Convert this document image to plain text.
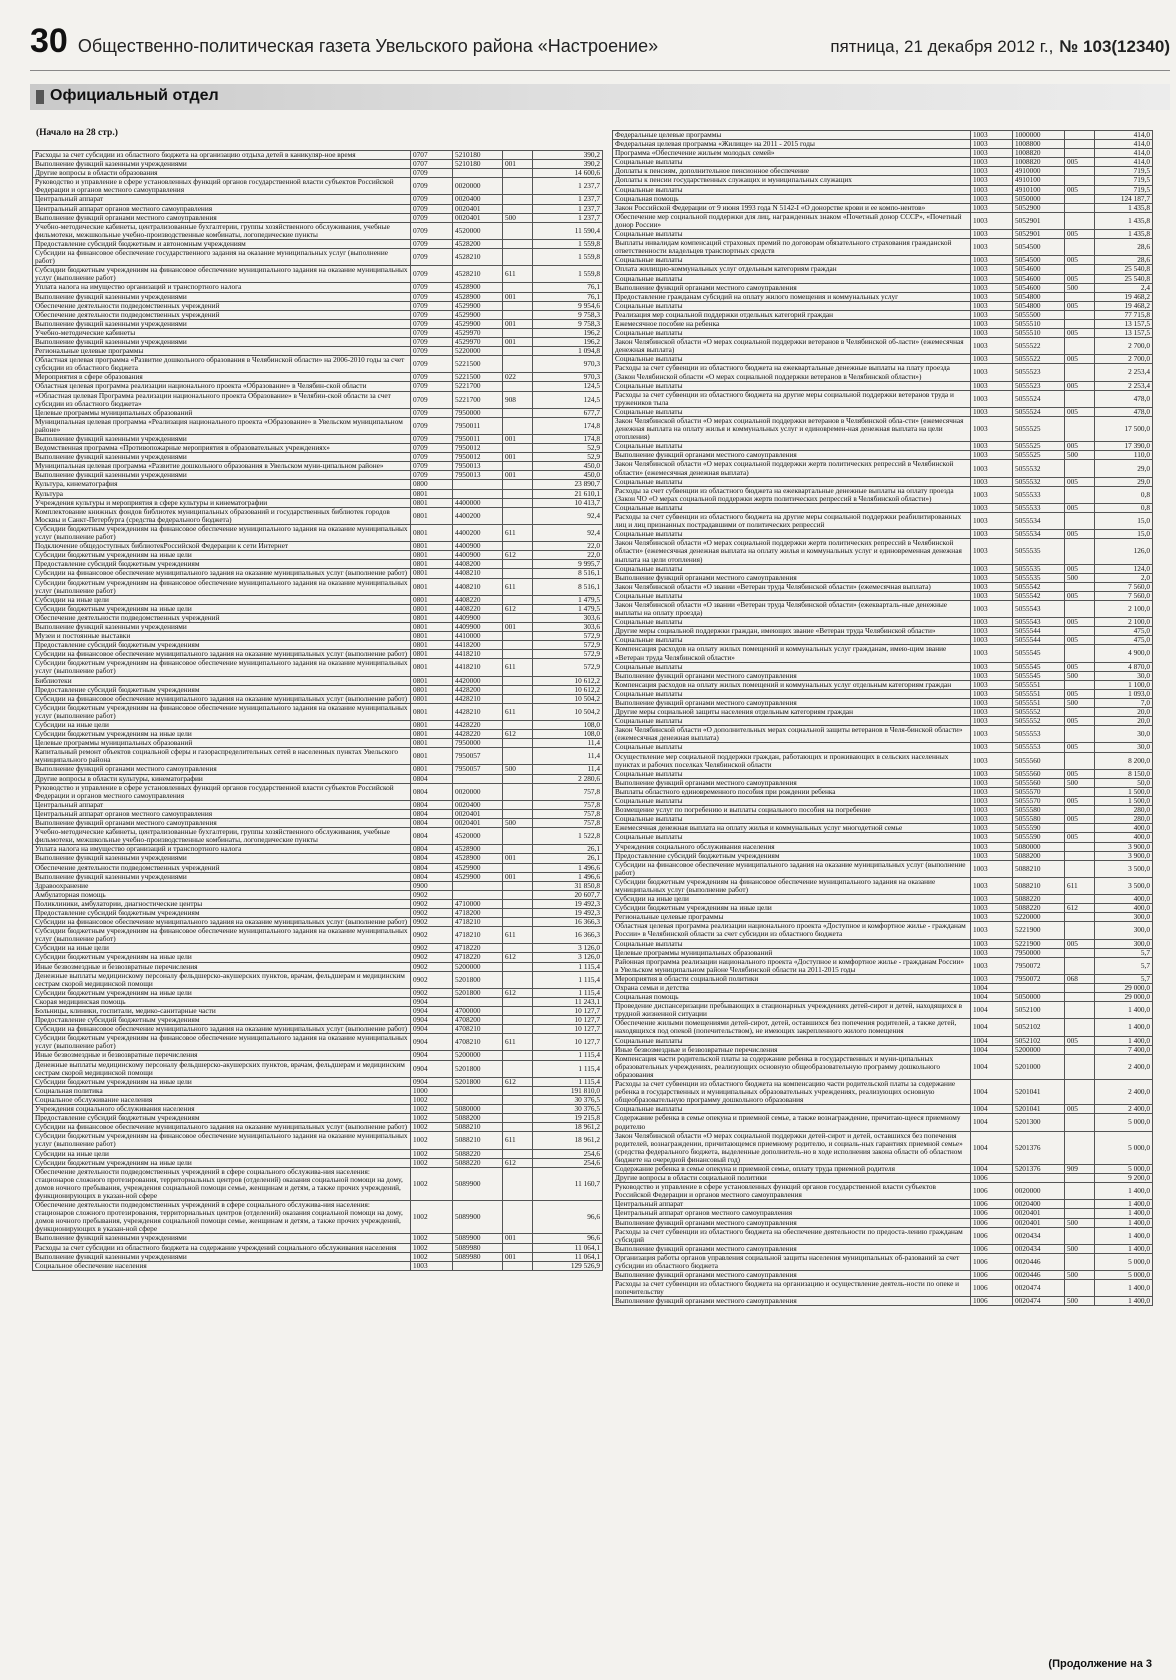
30 Общественно-политическая газета Увельского района «Настроение»	пятница, 21 декабря 2012 г., № 103(12340)
Официальный отдел
(Начало на 28 стр.)
Расходы за счет субсидии из областного бюджета на организацию отдыха детей в каникуляр-ное время	0707	5210180		390,2
Выполнение функций казенными учреждениями	0707	5210180	001	390,2
Другие вопросы в области образования	0709			14 600,6
Руководство и управление в сфере установленных функций органов государственной власти субъектов Российской Федерации и органов местного самоуправления	0709	0020000		1 237,7
Центральный аппарат	0709	0020400		1 237,7
Центральный аппарат органов местного самоуправления	0709	0020401		1 237,7
Выполнение функций органами местного самоуправления	0709	0020401	500	1 237,7
Учебно-методические кабинеты, централизованные бухгалтерии, группы хозяйственного обслуживания, учебные фильмотеки, межшкольные учебно-производственные комбинаты, логопедические пункты	0709	4520000		11 590,4
Предоставление субсидий бюджетным и автономным учреждениям	0709	4528200		1 559,8
Субсидии на финансовое обеспечение государственного задания на оказание муниципальных услуг (выполнение работ)	0709	4528210		1 559,8
Субсидии бюджетным учреждениям на финансовое обеспечение муниципального задания на оказание муниципальных услуг (выполнение работ)	0709	4528210	611	1 559,8
Уплата налога на имущество организаций и транспортного налога	0709	4528900		76,1
Выполнение функций казенными учреждениями	0709	4528900	001	76,1
Обеспечение деятельности подведомственных учреждений	0709	4529900		9 954,6
Обеспечение деятельности подведомственных учреждений	0709	4529900		9 758,3
Выполнение функций казенными учреждениями	0709	4529900	001	9 758,3
Учебно-методические кабинеты	0709	4529970		196,2
Выполнение функций казенными учреждениями	0709	4529970	001	196,2
Региональные целевые программы	0709	5220000		1 094,8
Областная целевая программа «Развитие дошкольного образования в Челябинской области» на 2006-2010 годы за счет субсидии из областного бюджета	0709	5221500		970,3
Мероприятия в сфере образования	0709	5221500	022	970,3
Областная целевая программа реализации национального проекта «Образование» в Челябин-ской области	0709	5221700		124,5
«Областная целевая Программа реализации национального проекта Образование» в Челябин-ской области за счет субсидии из областного бюджета»	0709	5221700	908	124,5
Целевые программы муниципальных образований	0709	7950000		677,7
Муниципальная целевая программа «Реализация национального проекта «Образование» в Увельском муниципальном районе»	0709	7950011		174,8
Выполнение функций казенными учреждениями	0709	7950011	001	174,8
Ведомственная программа «Противопожарные мероприятия в образовательных учреждениях»	0709	7950012		52,9
Выполнение функций казенными учреждениями	0709	7950012	001	52,9
Муниципальная целевая программа «Развитие дошкольного образования в Увельском муни-ципальном районе»	0709	7950013		450,0
Выполнение функций казенными учреждениями	0709	7950013	001	450,0
Культура, кинематография	0800			23 890,7
Культура	0801			21 610,1
Учреждения культуры и мероприятия в сфере культуры и кинематографии	0801	4400000		10 413,7
Комплектование книжных фондов библиотек муниципальных образований и государственных библиотек городов Москвы и Санкт-Петербурга (средства федерального бюджета)	0801	4400200		92,4
Субсидии бюджетным учреждениям на финансовое обеспечение муниципального задания на оказание муниципальных услуг (выполнение работ)	0801	4400200	611	92,4
Подключение общедоступных библиотекРоссийской Федерации к сети Интернет	0801	4400900		22,0
Субсидии бюджетным учреждениям на иные цели	0801	4400900	612	22,0
Предоставление субсидий бюджетным учреждениям	0801	4408200		9 995,7
Субсидии на финансовое обеспечение муниципального задания на оказание муниципальных услуг (выполнение работ)	0801	4408210		8 516,1
Субсидии бюджетным учреждениям на финансовое обеспечение муниципального задания на оказание муниципальных услуг (выполнение работ)	0801	4408210	611	8 516,1
Субсидии на иные цели	0801	4408220		1 479,5
Субсидии бюджетным учреждениям на иные цели	0801	4408220	612	1 479,5
Обеспечение деятельности подведомственных учреждений	0801	4409900		303,6
Выполнение функций казенными учреждениями	0801	4409900	001	303,6
Музеи и постоянные выставки	0801	4410000		572,9
Предоставление субсидий бюджетным учреждениям	0801	4418200		572,9
Субсидии на финансовое обеспечение муниципального задания на оказание муниципальных услуг (выполнение работ)	0801	4418210		572,9
Субсидии бюджетным учреждениям на финансовое обеспечение муниципального задания на оказание муниципальных услуг (выполнение работ)	0801	4418210	611	572,9
Библиотеки	0801	4420000		10 612,2
Предоставление субсидий бюджетным учреждениям	0801	4428200		10 612,2
Субсидии на финансовое обеспечение муниципального задания на оказание муниципальных услуг (выполнение работ)	0801	4428210		10 504,2
Субсидии бюджетным учреждениям на финансовое обеспечение муниципального задания на оказание муниципальных услуг (выполнение работ)	0801	4428210	611	10 504,2
Субсидии на иные цели	0801	4428220		108,0
Субсидии бюджетным учреждениям на иные цели	0801	4428220	612	108,0
Целевые программы муниципальных образований	0801	7950000		11,4
Капитальный ремонт объектов социальной сферы и газораспределительных сетей в населенных пунктах Увельского муниципального района	0801	7950057		11,4
Выполнение функций органами местного самоуправления	0801	7950057	500	11,4
Другие вопросы в области культуры, кинематографии	0804			2 280,6
Руководство и управление в сфере установленных функций органов государственной власти субъектов Российской Федерации и органов местного самоуправления	0804	0020000		757,8
Центральный аппарат	0804	0020400		757,8
Центральный аппарат органов местного самоуправления	0804	0020401		757,8
Выполнение функций органами местного самоуправления	0804	0020401	500	757,8
Учебно-методические кабинеты, централизованные бухгалтерии, группы хозяйственного обслуживания, учебные фильмотеки, межшкольные учебно-производственные комбинаты, логопедические пункты	0804	4520000		1 522,8
Уплата налога на имущество организаций и транспортного налога	0804	4528900		26,1
Выполнение функций казенными учреждениями	0804	4528900	001	26,1
Обеспечение деятельности подведомственных учреждений	0804	4529900		1 496,6
Выполнение функций казенными учреждениями	0804	4529900	001	1 496,6
Здравоохранение	0900			31 850,8
Амбулаторная помощь	0902			20 607,7
Поликлиники, амбулатории, диагностические центры	0902	4710000		19 492,3
Предоставление субсидий бюджетным учреждениям	0902	4718200		19 492,3
Субсидии на финансовое обеспечение муниципального задания на оказание муниципальных услуг (выполнение работ)	0902	4718210		16 366,3
Субсидии бюджетным учреждениям на финансовое обеспечение муниципального задания на оказание муниципальных услуг (выполнение работ)	0902	4718210	611	16 366,3
Субсидии на иные цели	0902	4718220		3 126,0
Субсидии бюджетным учреждениям на иные цели	0902	4718220	612	3 126,0
Иные безвозмездные и безвозвратные перечисления	0902	5200000		1 115,4
Денежные выплаты медицинскому персоналу фельдшерско-акушерских пунктов, врачам, фельдшерам и медицинским сестрам скорой медицинской помощи	0902	5201800		1 115,4
Субсидии бюджетным учреждениям на иные цели	0902	5201800	612	1 115,4
Скорая медицинская помощь	0904			11 243,1
Больницы, клиники, госпитали, медико-санитарные части	0904	4700000		10 127,7
Предоставление субсидий бюджетным учреждениям	0904	4708200		10 127,7
Субсидии на финансовое обеспечение муниципального задания на оказание муниципальных услуг (выполнение работ)	0904	4708210		10 127,7
Субсидии бюджетным учреждениям на финансовое обеспечение муниципального задания на оказание муниципальных услуг (выполнение работ)	0904	4708210	611	10 127,7
Иные безвозмездные и безвозвратные перечисления	0904	5200000		1 115,4
Денежные выплаты медицинскому персоналу фельдшерско-акушерских пунктов, врачам, фельдшерам и медицинским сестрам скорой медицинской помощи	0904	5201800		1 115,4
Субсидии бюджетным учреждениям на иные цели	0904	5201800	612	1 115,4
Социальная политика	1000			191 810,0
Социальное обслуживание населения	1002			30 376,5
Учреждения социального обслуживания населения	1002	5080000		30 376,5
Предоставление субсидий бюджетным учреждениям	1002	5088200		19 215,8
Субсидии на финансовое обеспечение муниципального задания на оказание муниципальных услуг (выполнение работ)	1002	5088210		18 961,2
Субсидии бюджетным учреждениям на финансовое обеспечение муниципального задания на оказание муниципальных услуг (выполнение работ)	1002	5088210	611	18 961,2
Субсидии на иные цели	1002	5088220		254,6
Субсидии бюджетным учреждениям на иные цели	1002	5088220	612	254,6
Обеспечение деятельности подведомственных учреждений в сфере социального обслужива-ния населения: стационаров сложного протезирования, территориальных центров (отделений) оказания социальной помощи на дому, домов ночного пребывания, учреждения социальной помощи семье, женщинам и детям, а также прочих учреждений, функционирующих в указан-ной сфере	1002	5089900		11 160,7
Обеспечение деятельности подведомственных учреждений в сфере социального обслужива-ния населения: стационаров сложного протезирования, территориальных центров (отделений) оказания социальной помощи на дому, домов ночного пребывания, учреждения социальной помощи семье, женщинам и детям, а также прочих учреждений, функционирующих в указан-ной сфере	1002	5089900		96,6
Выполнение функций казенными учреждениями	1002	5089900	001	96,6
Расходы за счет субсидии из областного бюджета на содержание учреждений социального обслуживания населения	1002	5089980		11 064,1
Выполнение функций казенными учреждениями	1002	5089980	001	11 064,1
Социальное обеспечение населения	1003			129 526,9
Федеральные целевые программы	1003	1000000		414,0
Федеральная целевая программа «Жилище» на 2011 - 2015 годы	1003	1008800		414,0
Программа «Обеспечение жильем молодых семей»	1003	1008820		414,0
Социальные выплаты	1003	1008820	005	414,0
Доплаты к пенсиям, дополнительное пенсионное обеспечение	1003	4910000		719,5
Доплаты к пенсии государственных служащих и муниципальных служащих	1003	4910100		719,5
Социальные выплаты	1003	4910100	005	719,5
Социальная помощь	1003	5050000		124 187,7
Закон Российской Федерации от 9 июня 1993 года N 5142-I «О донорстве крови и ее компо-нентов»	1003	5052900		1 435,8
Обеспечение мер социальной поддержки для лиц, награжденных знаком «Почетный донор СССР», «Почетный донор России»	1003	5052901		1 435,8
Социальные выплаты	1003	5052901	005	1 435,8
Выплаты инвалидам компенсаций страховых премий по договорам обязательного страхования гражданской ответственности владельцев транспортных средств	1003	5054500		28,6
Социальные выплаты	1003	5054500	005	28,6
Оплата жилищно-коммунальных услуг отдельным категориям граждан	1003	5054600		25 540,8
Социальные выплаты	1003	5054600	005	25 540,8
Выполнение функций органами местного самоуправления	1003	5054600	500	2,4
Предоставление гражданам субсидий на оплату жилого помещения и коммунальных услуг	1003	5054800		19 468,2
Социальные выплаты	1003	5054800	005	19 468,2
Реализация мер социальной поддержки отдельных категорий граждан	1003	5055500		77 715,8
Ежемесячное пособие на ребенка	1003	5055510		13 157,5
Социальные выплаты	1003	5055510	005	13 157,5
Закон Челябинской области «О мерах социальной поддержки ветеранов в Челябинской об-ласти» (ежемесячная денежная выплата)	1003	5055522		2 700,0
Социальные выплаты	1003	5055522	005	2 700,0
Расходы за счет субвенции из областного бюджета на ежеквартальные денежные выплаты на плату проезда (Закон Челябинской области «О мерах социальной поддержки ветеранов в Челябинской области»)	1003	5055523		2 253,4
Социальные выплаты	1003	5055523	005	2 253,4
Расходы за счет субвенции из областного бюджета на другие меры социальной поддержки ветеранов труда и тружеников тыла	1003	5055524		478,0
Социальные выплаты	1003	5055524	005	478,0
Закон Челябинской области «О мерах социальной поддержки ветеранов в Челябинской обла-сти» (ежемесячная денежная выплата на оплату жилья и коммунальных услуг и единовремен-ная денежная выплата на цели отопления)	1003	5055525		17 500,0
Социальные выплаты	1003	5055525	005	17 390,0
Выполнение функций органами местного самоуправления	1003	5055525	500	110,0
Закон Челябинской области «О мерах социальной поддержки жертв политических репрессий в Челябинской области» (ежемесячная денежная выплата)	1003	5055532		29,0
Социальные выплаты	1003	5055532	005	29,0
Расходы за счет субвенции из областного бюджета на ежеквартальные денежные выплаты на оплату проезда (Закон ЧО «О мерах социальной поддержки жертв политических репрессий в Челябинской области»)	1003	5055533		0,8
Социальные выплаты	1003	5055533	005	0,8
Расходы за счет субвенции из областного бюджета на другие меры социальной поддержки реабилитированных лиц и лиц признанных пострадавшими от политических репрессий	1003	5055534		15,0
Социальные выплаты	1003	5055534	005	15,0
Закон Челябинской области «О мерах социальной поддержки жертв политических репрессий в Челябинской области» (ежемесячная денежная выплата на оплату жилья и коммунальных услуг и единовременная денежная выплата на цели отопления)	1003	5055535		126,0
Социальные выплаты	1003	5055535	005	124,0
Выполнение функций органами местного самоуправления	1003	5055535	500	2,0
Закон Челябинской области «О звании «Ветеран труда Челябинской области» (ежемесячная выплата)	1003	5055542		7 560,0
Социальные выплаты	1003	5055542	005	7 560,0
Закон Челябинской области «О звании «Ветеран труда Челябинской области» (ежекварталь-ные денежные выплаты на оплату проезда)	1003	5055543		2 100,0
Социальные выплаты	1003	5055543	005	2 100,0
Другие меры социальной поддержки граждан, имеющих звание «Ветеран труда Челябинской области»	1003	5055544		475,0
Социальные выплаты	1003	5055544	005	475,0
Компенсация расходов на оплату жилых помещений и коммунальных услуг гражданам, имею-щим звание «Ветеран труда Челябинской области»	1003	5055545		4 900,0
Социальные выплаты	1003	5055545	005	4 870,0
Выполнение функций органами местного самоуправления	1003	5055545	500	30,0
Компенсация расходов на оплату жилых помещений и коммунальных услуг отдельным категориям граждан	1003	5055551		1 100,0
Социальные выплаты	1003	5055551	005	1 093,0
Выполнение функций органами местного самоуправления	1003	5055551	500	7,0
Другие меры социальной защиты населения отдельным категориям граждан	1003	5055552		20,0
Социальные выплаты	1003	5055552	005	20,0
Закон Челябинской области «О дополнительных мерах социальной защиты ветеранов в Челя-бинской области» (ежемесячная денежная выплата)	1003	5055553		30,0
Социальные выплаты	1003	5055553	005	30,0
Осуществление мер социальной поддержки граждан, работающих и проживающих в сельских населенных пунктах и рабочих поселках Челябинской области	1003	5055560		8 200,0
Социальные выплаты	1003	5055560	005	8 150,0
Выполнение функций органами местного самоуправления	1003	5055560	500	50,0
Выплаты областного единовременного пособия при рождении ребенка	1003	5055570		1 500,0
Социальные выплаты	1003	5055570	005	1 500,0
Возмещение услуг по погребению и выплаты социального пособия на погребение	1003	5055580		280,0
Социальные выплаты	1003	5055580	005	280,0
Ежемесячная денежная выплата на оплату жилья и коммунальных услуг многодетной семье	1003	5055590		400,0
Социальные выплаты	1003	5055590	005	400,0
Учреждения социального обслуживания населения	1003	5080000		3 900,0
Предоставление субсидий бюджетным учреждениям	1003	5088200		3 900,0
Субсидии на финансовое обеспечение муниципального задания на оказание муниципальных услуг (выполнение работ)	1003	5088210		3 500,0
Субсидии бюджетным учреждениям на финансовое обеспечение муниципального задания на оказание муниципальных услуг (выполнение работ)	1003	5088210	611	3 500,0
Субсидии на иные цели	1003	5088220		400,0
Субсидии бюджетным учреждениям на иные цели	1003	5088220	612	400,0
Региональные целевые программы	1003	5220000		300,0
Областная целевая программа реализации национального проекта «Доступное и комфортное жилье - гражданам России» в Челябинской области за счет субсидии из областного бюджета	1003	5221900		300,0
Социальные выплаты	1003	5221900	005	300,0
Целевые программы муниципальных образований	1003	7950000		5,7
Районная программа реализации национального проекта «Доступное и комфортное жилье - гражданам России» в Увельском муниципальном районе Челябинской области на 2011-2015 годы	1003	7950072		5,7
Мероприятия в области социальной политики	1003	7950072	068	5,7
Охрана семьи и детства	1004			29 000,0
Социальная помощь	1004	5050000		29 000,0
Проведение диспансеризации пребывающих в стационарных учреждениях детей-сирот и детей, находящихся в трудной жизненной ситуации	1004	5052100		1 400,0
Обеспечение жилыми помещениями детей-сирот, детей, оставшихся без попечения родителей, а также детей, находящихся под опекой (попечительством), не имеющих закрепленного жилого помещения	1004	5052102		1 400,0
Социальные выплаты	1004	5052102	005	1 400,0
Иные безвозмездные и безвозвратные перечисления	1004	5200000		7 400,0
Компенсация части родительской платы за содержание ребенка в государственных и муни-ципальных образовательных учреждениях, реализующих основную общеобразовательную программу дошкольного образования	1004	5201000		2 400,0
Расходы за счет субвенции из областного бюджета на компенсацию части родительской платы за содержание ребенка в государственных и муниципальных образовательных учреждениях, реализующих основную общеобразовательную программу дошкольного образования	1004	5201041		2 400,0
Социальные выплаты	1004	5201041	005	2 400,0
Содержание ребенка в семье опекуна и приемной семье, а также вознаграждение, причитаю-щееся приемному родителю	1004	5201300		5 000,0
Закон Челябинской области «О мерах социальной поддержки детей-сирот и детей, оставшихся без попечения родителей, вознаграждении, причитающемся приемному родителю, и социаль-ных гарантиях приемной семье» (средства федерального бюджета, выделенные дополнитель-но в ходе исполнения закона области об областном бюджете на очередной финансовый год)	1004	5201376		5 000,0
Содержание ребенка в семье опекуна и приемной семье, оплату труда приемной родителя	1004	5201376	909	5 000,0
Другие вопросы в области социальной политики	1006			9 200,0
Руководство и управление в сфере установленных функций органов государственной власти субъектов Российской Федерации и органов местного самоуправления	1006	0020000		1 400,0
Центральный аппарат	1006	0020400		1 400,0
Центральный аппарат органов местного самоуправления	1006	0020401		1 400,0
Выполнение функций органами местного самоуправления	1006	0020401	500	1 400,0
Расходы за счет субвенции из областного бюджета на обеспечение деятельности по предоста-лению гражданам субсидий	1006	0020434		1 400,0
Выполнение функций органами местного самоуправления	1006	0020434	500	1 400,0
Организация работы органов управления социальной защиты населения муниципальных об-разований за счет субсидии из областного бюджета	1006	0020446		5 000,0
Выполнение функций органами местного самоуправления	1006	0020446	500	5 000,0
Расходы за счет субвенции из областного бюджета на организацию и осуществление деятель-ности по опеке и попечительству	1006	0020474		1 400,0
Выполнение функций органами местного самоуправления	1006	0020474	500	1 400,0
(Продолжение на 3
